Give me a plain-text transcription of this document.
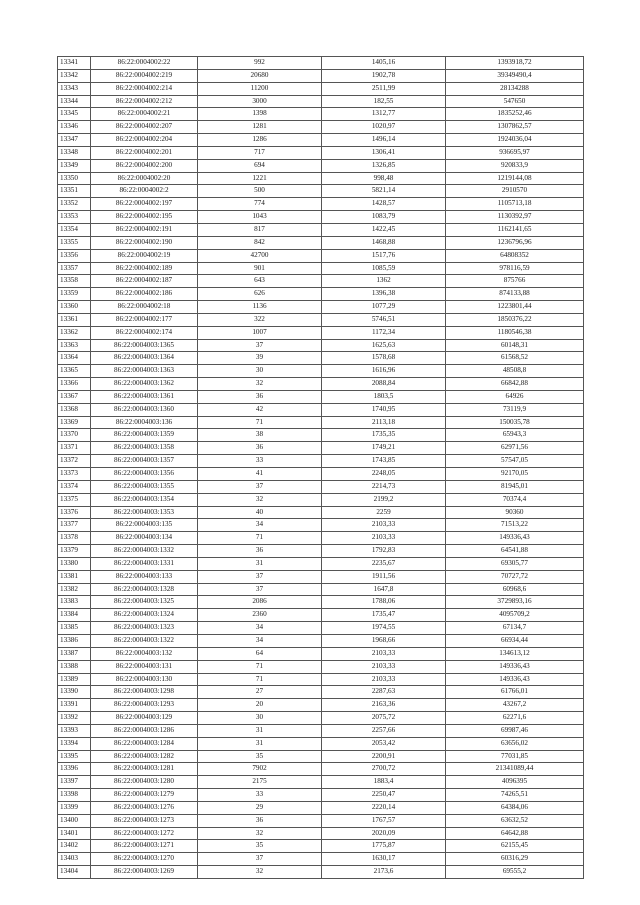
13341	86:22:0004002:22	992	1405,16	1393918,72
13342	86:22:0004002:219	20680	1902,78	39349490,4
13343	86:22:0004002:214	11200	2511,99	28134288
13344	86:22:0004002:212	3000	182,55	547650
13345	86:22:0004002:21	1398	1312,77	1835252,46
13346	86:22:0004002:207	1281	1020,97	1307862,57
13347	86:22:0004002:204	1286	1496,14	1924036,04
13348	86:22:0004002:201	717	1306,41	936695,97
13349	86:22:0004002:200	694	1326,85	920833,9
13350	86:22:0004002:20	1221	998,48	1219144,08
13351	86:22:0004002:2	500	5821,14	2910570
13352	86:22:0004002:197	774	1428,57	1105713,18
13353	86:22:0004002:195	1043	1083,79	1130392,97
13354	86:22:0004002:191	817	1422,45	1162141,65
13355	86:22:0004002:190	842	1468,88	1236796,96
13356	86:22:0004002:19	42700	1517,76	64808352
13357	86:22:0004002:189	901	1085,59	978116,59
13358	86:22:0004002:187	643	1362	875766
13359	86:22:0004002:186	626	1396,38	874133,88
13360	86:22:0004002:18	1136	1077,29	1223801,44
13361	86:22:0004002:177	322	5746,51	1850376,22
13362	86:22:0004002:174	1007	1172,34	1180546,38
13363	86:22:0004003:1365	37	1625,63	60148,31
13364	86:22:0004003:1364	39	1578,68	61568,52
13365	86:22:0004003:1363	30	1616,96	48508,8
13366	86:22:0004003:1362	32	2088,84	66842,88
13367	86:22:0004003:1361	36	1803,5	64926
13368	86:22:0004003:1360	42	1740,95	73119,9
13369	86:22:0004003:136	71	2113,18	150035,78
13370	86:22:0004003:1359	38	1735,35	65943,3
13371	86:22:0004003:1358	36	1749,21	62971,56
13372	86:22:0004003:1357	33	1743,85	57547,05
13373	86:22:0004003:1356	41	2248,05	92170,05
13374	86:22:0004003:1355	37	2214,73	81945,01
13375	86:22:0004003:1354	32	2199,2	70374,4
13376	86:22:0004003:1353	40	2259	90360
13377	86:22:0004003:135	34	2103,33	71513,22
13378	86:22:0004003:134	71	2103,33	149336,43
13379	86:22:0004003:1332	36	1792,83	64541,88
13380	86:22:0004003:1331	31	2235,67	69305,77
13381	86:22:0004003:133	37	1911,56	70727,72
13382	86:22:0004003:1328	37	1647,8	60968,6
13383	86:22:0004003:1325	2086	1788,06	3729893,16
13384	86:22:0004003:1324	2360	1735,47	4095709,2
13385	86:22:0004003:1323	34	1974,55	67134,7
13386	86:22:0004003:1322	34	1968,66	66934,44
13387	86:22:0004003:132	64	2103,33	134613,12
13388	86:22:0004003:131	71	2103,33	149336,43
13389	86:22:0004003:130	71	2103,33	149336,43
13390	86:22:0004003:1298	27	2287,63	61766,01
13391	86:22:0004003:1293	20	2163,36	43267,2
13392	86:22:0004003:129	30	2075,72	62271,6
13393	86:22:0004003:1286	31	2257,66	69987,46
13394	86:22:0004003:1284	31	2053,42	63656,02
13395	86:22:0004003:1282	35	2200,91	77031,85
13396	86:22:0004003:1281	7902	2700,72	21341089,44
13397	86:22:0004003:1280	2175	1883,4	4096395
13398	86:22:0004003:1279	33	2250,47	74265,51
13399	86:22:0004003:1276	29	2220,14	64384,06
13400	86:22:0004003:1273	36	1767,57	63632,52
13401	86:22:0004003:1272	32	2020,09	64642,88
13402	86:22:0004003:1271	35	1775,87	62155,45
13403	86:22:0004003:1270	37	1630,17	60316,29
13404	86:22:0004003:1269	32	2173,6	69555,2
